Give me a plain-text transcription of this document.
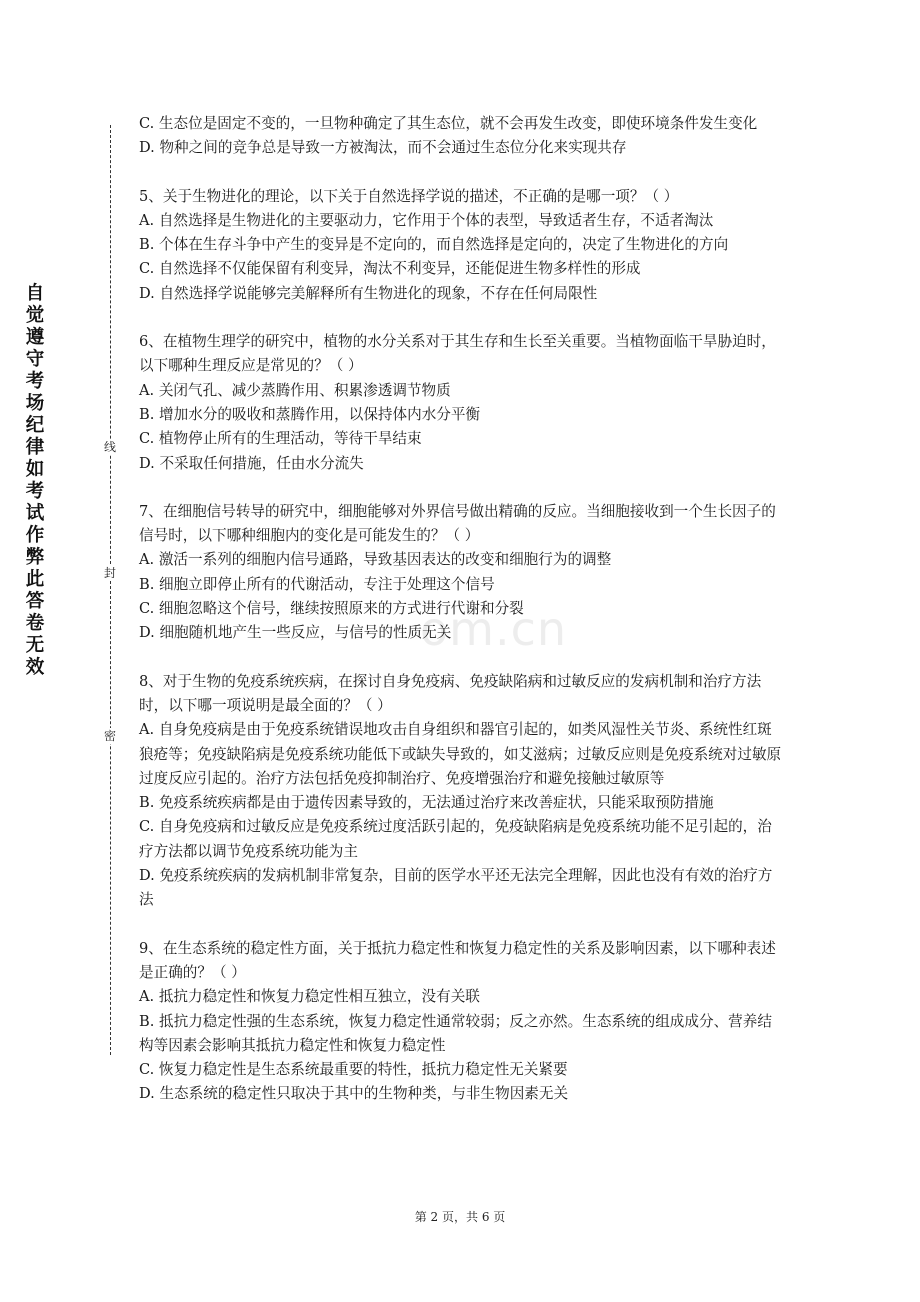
自觉遵守考场纪律如考试作弊此答卷无效
线
封
密
om.cn

C. 生态位是固定不变的，一旦物种确定了其生态位，就不会再发生改变，即使环境条件发生变化

D. 物种之间的竞争总是导致一方被淘汰，而不会通过生态位分化来实现共存

5、关于生物进化的理论，以下关于自然选择学说的描述，不正确的是哪一项？（ ）

A. 自然选择是生物进化的主要驱动力，它作用于个体的表型，导致适者生存，不适者淘汰

B. 个体在生存斗争中产生的变异是不定向的，而自然选择是定向的，决定了生物进化的方向

C. 自然选择不仅能保留有利变异，淘汰不利变异，还能促进生物多样性的形成

D. 自然选择学说能够完美解释所有生物进化的现象，不存在任何局限性

6、在植物生理学的研究中，植物的水分关系对于其生存和生长至关重要。当植物面临干旱胁迫时，以下哪种生理反应是常见的？（ ）

A. 关闭气孔、减少蒸腾作用、积累渗透调节物质

B. 增加水分的吸收和蒸腾作用，以保持体内水分平衡

C. 植物停止所有的生理活动，等待干旱结束

D. 不采取任何措施，任由水分流失

7、在细胞信号转导的研究中，细胞能够对外界信号做出精确的反应。当细胞接收到一个生长因子的信号时，以下哪种细胞内的变化是可能发生的？（ ）

A. 激活一系列的细胞内信号通路，导致基因表达的改变和细胞行为的调整

B. 细胞立即停止所有的代谢活动，专注于处理这个信号

C. 细胞忽略这个信号，继续按照原来的方式进行代谢和分裂

D. 细胞随机地产生一些反应，与信号的性质无关

8、对于生物的免疫系统疾病，在探讨自身免疫病、免疫缺陷病和过敏反应的发病机制和治疗方法时，以下哪一项说明是最全面的？（ ）

A. 自身免疫病是由于免疫系统错误地攻击自身组织和器官引起的，如类风湿性关节炎、系统性红斑狼疮等；免疫缺陷病是免疫系统功能低下或缺失导致的，如艾滋病；过敏反应则是免疫系统对过敏原过度反应引起的。治疗方法包括免疫抑制治疗、免疫增强治疗和避免接触过敏原等

B. 免疫系统疾病都是由于遗传因素导致的，无法通过治疗来改善症状，只能采取预防措施

C. 自身免疫病和过敏反应是免疫系统过度活跃引起的，免疫缺陷病是免疫系统功能不足引起的，治疗方法都以调节免疫系统功能为主

D. 免疫系统疾病的发病机制非常复杂，目前的医学水平还无法完全理解，因此也没有有效的治疗方法

9、在生态系统的稳定性方面，关于抵抗力稳定性和恢复力稳定性的关系及影响因素，以下哪种表述是正确的？（ ）

A. 抵抗力稳定性和恢复力稳定性相互独立，没有关联

B. 抵抗力稳定性强的生态系统，恢复力稳定性通常较弱；反之亦然。生态系统的组成成分、营养结构等因素会影响其抵抗力稳定性和恢复力稳定性

C. 恢复力稳定性是生态系统最重要的特性，抵抗力稳定性无关紧要

D. 生态系统的稳定性只取决于其中的生物种类，与非生物因素无关

第 2 页，共 6 页
